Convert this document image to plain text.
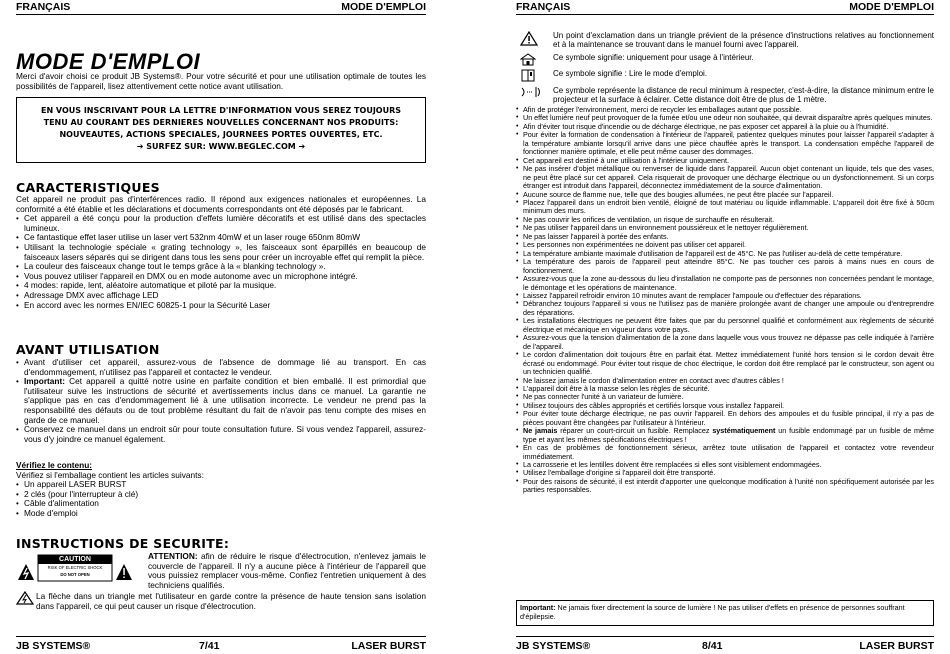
FRANÇAIS	MODE D'EMPLOI
MODE D'EMPLOI
Merci d'avoir choisi ce produit JB Systems®. Pour votre sécurité et pour une utilisation optimale de toutes les possibilités de l'appareil, lisez attentivement cette notice avant utilisation.
EN VOUS INSCRIVANT POUR LA LETTRE D'INFORMATION VOUS SEREZ TOUJOURS
TENU AU COURANT DES DERNIERES NOUVELLES CONCERNANT NOS PRODUITS:
NOUVEAUTES, ACTIONS SPECIALES, JOURNEES PORTES OUVERTES, ETC.
➔ SURFEZ SUR: WWW.BEGLEC.COM ➔
CARACTERISTIQUES

Cet appareil ne produit pas d'interférences radio. Il répond aux exigences nationales et européennes. La conformité a été établie et les déclarations et documents correspondants ont été déposés par le fabricant.

• Cet appareil a été conçu pour la production d'effets lumière décoratifs et est utilisé dans des spectacles lumineux.
• Ce fantastique effet laser utilise un laser vert 532nm 40mW et un laser rouge 650nm 80mW
• Utilisant la technologie spéciale « grating technology », les faisceaux sont éparpillés en beaucoup de faisceaux lasers séparés qui se dirigent dans tous les sens pour créer un incroyable effet qui remplit la pièce.
• La couleur des faisceaux change tout le temps grâce à la « blanking technology ».
• Vous pouvez utiliser l'appareil en DMX ou en mode autonome avec un microphone intégré.
• 4 modes: rapide, lent, aléatoire automatique et piloté par la musique.
• Adressage DMX avec affichage LED
• En accord avec les normes EN/IEC 60825-1 pour la Sécurité Laser
AVANT UTILISATION
• Avant d'utiliser cet appareil, assurez-vous de l'absence de dommage lié au transport. En cas d'endommagement, n'utilisez pas l'appareil et contactez le vendeur.
• Important: Cet appareil a quitté notre usine en parfaite condition et bien emballé. Il est primordial que l'utilisateur suive les instructions de sécurité et avertissements inclus dans ce manuel. La garantie ne s'applique pas en cas d'endommagement lié à une utilisation incorrecte. Le vendeur ne prend pas la responsabilité des défauts ou de tout problème résultant du fait de n'avoir pas tenu compte des mises en garde de ce manuel.
• Conservez ce manuel dans un endroit sûr pour toute consultation future. Si vous vendez l'appareil, assurez-vous d'y joindre ce manuel également.

Vérifiez le contenu:

Vérifiez si l'emballage contient les articles suivants:

• Un appareil LASER BURST
• 2 clés (pour l'interrupteur à clé)
• Câble d'alimentation
• Mode d'emploi
INSTRUCTIONS DE SECURITE:
CAUTION
RISK OF ELECTRIC SHOCK
DO NOT OPEN
ATTENTION: afin de réduire le risque d'électrocution, n'enlevez jamais le couvercle de l'appareil. Il n'y a aucune pièce à l'intérieur de l'appareil que vous puissiez remplacer vous-même. Confiez l'entretien uniquement à des techniciens qualifiés.
La flèche dans un triangle met l'utilisateur en garde contre la présence de haute tension sans isolation dans l'appareil, ce qui peut causer un risque d'électrocution.
JB SYSTEMS®	7/41	LASER BURST
FRANÇAIS	MODE D'EMPLOI
Un point d'exclamation dans un triangle prévient de la présence d'instructions relatives au fonctionnement et à la maintenance se trouvant dans le manuel fourni avec l'appareil.
Ce symbole signifie: uniquement pour usage à l'intérieur.
Ce symbole signifie : Lire le mode d'emploi.
Ce symbole représente la distance de recul minimum à respecter, c'est-à-dire, la distance minimum entre le projecteur et la surface à éclairer. Cette distance doit être de plus de 1 mètre.
• Afin de protéger l'environnement, merci de recycler les emballages autant que possible.
• Un effet lumière neuf peut provoquer de la fumée et/ou une odeur non souhaitée, qui devrait disparaître après quelques minutes.
• Afin d'éviter tout risque d'incendie ou de décharge électrique, ne pas exposer cet appareil à la pluie ou à l'humidité.
• Pour éviter la formation de condensation à l'intérieur de l'appareil, patientez quelques minutes pour laisser l'appareil s'adapter à la température ambiante lorsqu'il arrive dans une pièce chauffée après le transport. La condensation empêche l'appareil de fonctionner manière optimale, et elle peut même causer des dommages.
• Cet appareil est destiné à une utilisation à l'intérieur uniquement.
• Ne pas insérer d'objet métallique ou renverser de liquide dans l'appareil. Aucun objet contenant un liquide, tels que des vases, ne peut être placé sur cet appareil. Cela risquerait de provoquer une décharge électrique ou un dysfonctionnement. Si un corps étranger est introduit dans l'appareil, déconnectez immédiatement de la source d'alimentation.
• Aucune source de flamme nue, telle que des bougies allumées, ne peut être placée sur l'appareil.
• Placez l'appareil dans un endroit bien ventilé, éloigné de tout matériau ou liquide inflammable. L'appareil doit être fixé à 50cm minimum des murs.
• Ne pas couvrir les orifices de ventilation, un risque de surchauffe en résulterait.
• Ne pas utiliser l'appareil dans un environnement poussiéreux et le nettoyer régulièrement.
• Ne pas laisser l'appareil à portée des enfants.
• Les personnes non expérimentées ne doivent pas utiliser cet appareil.
• La température ambiante maximale d'utilisation de l'appareil est de 45°C. Ne pas l'utiliser au-delà de cette température.
• La température des parois de l'appareil peut atteindre 85°C. Ne pas toucher ces parois à mains nues en cours de fonctionnement.
• Assurez-vous que la zone au-dessous du lieu d'installation ne comporte pas de personnes non concernées pendant le montage, le démontage et les opérations de maintenance.
• Laissez l'appareil refroidir environ 10 minutes avant de remplacer l'ampoule ou d'effectuer des réparations.
• Débranchez toujours l'appareil si vous ne l'utilisez pas de manière prolongée avant de changer une ampoule ou d'entreprendre des réparations.
• Les installations électriques ne peuvent être faites que par du personnel qualifié et conformément aux règlements de sécurité électrique et mécanique en vigueur dans votre pays.
• Assurez-vous que la tension d'alimentation de la zone dans laquelle vous vous trouvez ne dépasse pas celle indiquée à l'arrière de l'appareil.
• Le cordon d'alimentation doit toujours être en parfait état. Mettez immédiatement l'unité hors tension si le cordon devait être écrasé ou endommagé. Pour éviter tout risque de choc électrique, le cordon doit être remplacé par le constructeur, son agent ou un technicien qualifié.
• Ne laissez jamais le cordon d'alimentation entrer en contact avec d'autres câbles !
• L'appareil doit être à la masse selon les règles de sécurité.
• Ne pas connecter l'unité à un variateur de lumière.
• Utilisez toujours des câbles appropriés et certifiés lorsque vous installez l'appareil.
• Pour éviter toute décharge électrique, ne pas ouvrir l'appareil. En dehors des ampoules et du fusible principal, il n'y a pas de pièces pouvant être changées par l'utilisateur à l'intérieur.
• Ne jamais réparer un court-circuit un fusible. Remplacez systématiquement un fusible endommagé par un fusible de même type et ayant les mêmes spécifications électriques !
• En cas de problèmes de fonctionnement sérieux, arrêtez toute utilisation de l'appareil et contactez votre revendeur immédiatement.
• La carrosserie et les lentilles doivent être remplacées si elles sont visiblement endommagées.
• Utilisez l'emballage d'origine si l'appareil doit être transporté.
• Pour des raisons de sécurité, il est interdit d'apporter une quelconque modification à l'unité non spécifiquement autorisée par les parties responsables.
Important: Ne jamais fixer directement la source de lumière ! Ne pas utiliser d'effets en présence de personnes souffrant d'épilepsie.
JB SYSTEMS®	8/41	LASER BURST
